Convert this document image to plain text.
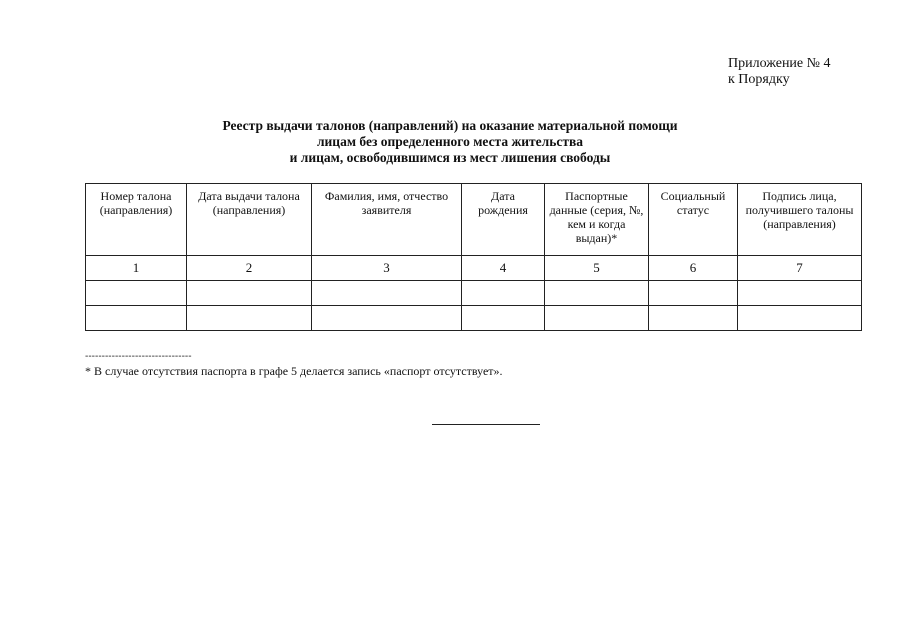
Приложение № 4
к Порядку
Реестр выдачи талонов (направлений) на оказание материальной помощи
лицам без определенного места жительства
и лицам, освободившимся из мест лишения свободы
Номер талона (направления)	Дата выдачи талона (направления)	Фамилия, имя, отчество заявителя	Дата рождения	Паспортные данные (серия, №, кем и когда выдан)*	Социальный статус	Подпись лица, получившего талоны (направления)
1	2	3	4	5	6	7

--------------------------------
* В случае отсутствия паспорта в графе 5 делается запись «паспорт отсутствует».
